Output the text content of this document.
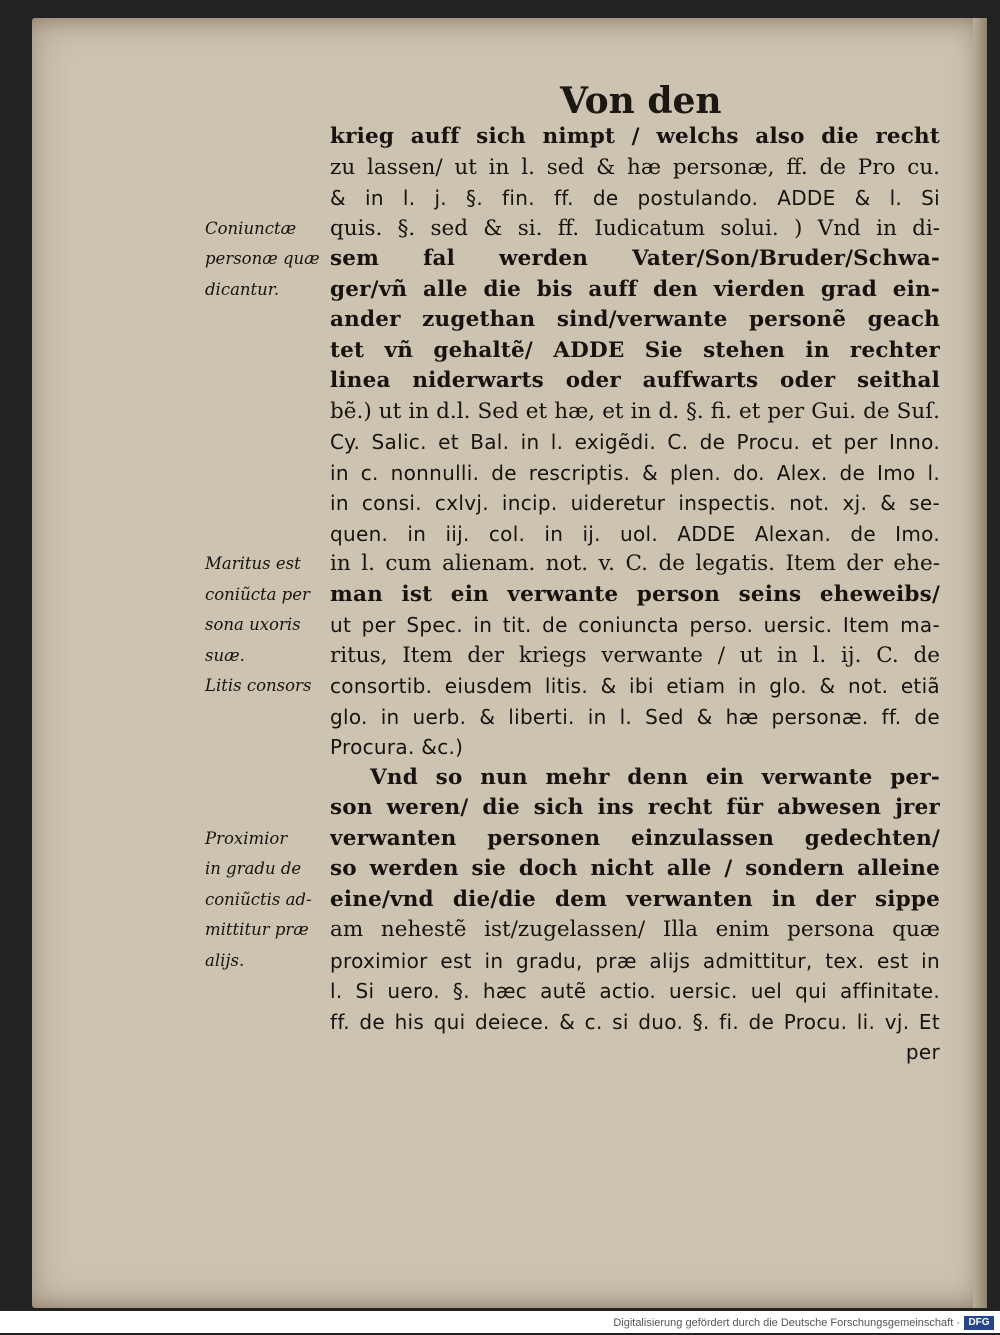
Von den
krieg auff sich nimpt / welchs also die recht
zu lassen/ ut in l. sed & hæ personæ, ff. de Pro cu.
& in l. j. §. fin. ff. de postulando. ADDE & l. Si
quis. §. sed & si. ff. Iudicatum solui. ) Vnd in di-
sem fal werden Vater/Son/Bruder/Schwa-
ger/vñ alle die bis auff den vierden grad ein-
ander zugethan sind/verwante personẽ geach
tet vñ gehaltẽ/ ADDE Sie stehen in rechter
linea niderwarts oder auffwarts oder seithal
bẽ.) ut in d.l. Sed et hæ, et in d. §. fi. et per Gui. de Suſ.
Cy. Salic. et Bal. in l. exigẽdi. C. de Procu. et per Inno.
in c. nonnulli. de rescriptis. & plen. do. Alex. de Imo l.
in consi. cxlvj. incip. uideretur inspectis. not. xj. & se-
quen. in iij. col. in ij. uol. ADDE Alexan. de Imo.
in l. cum alienam. not. v. C. de legatis. Item der ehe-
man ist ein verwante person seins eheweibs/
ut per Spec. in tit. de coniuncta perso. uersic. Item ma-
ritus, Item der kriegs verwante / ut in l. ij. C. de
consortib. eiusdem litis. & ibi etiam in glo. & not. etiã
glo. in uerb. & liberti. in l. Sed & hæ personæ. ff. de
Procura. &c.)
Vnd so nun mehr denn ein verwante per-
son weren/ die sich ins recht für abwesen jrer
verwanten personen einzulassen gedechten/
so werden sie doch nicht alle / sondern alleine
eine/vnd die/die dem verwanten in der sippe
am nehestẽ ist/zugelassen/ Illa enim persona quæ
proximior est in gradu, præ alijs admittitur, tex. est in
l. Si uero. §. hæc autẽ actio. uersic. uel qui affinitate.
ff. de his qui deiece. & c. si duo. §. fi. de Procu. li. vj. Et
per
Coniunctæ
personæ quæ
dicantur.
Maritus est
coniũcta per
sona uxoris
suæ.
Litis consors
Proximior
in gradu de
coniũctis ad-
mittitur præ
alijs.
Digitalisierung gefördert durch die Deutsche Forschungsgemeinschaft · DFG
